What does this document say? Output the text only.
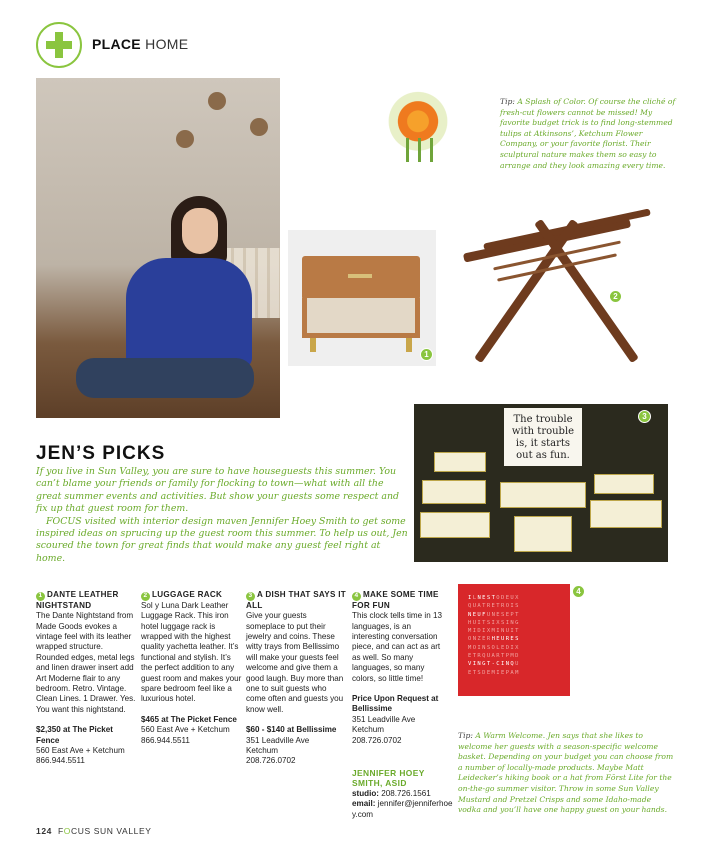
PLACE HOME
Tip: A Splash of Color. Of course the cliché of fresh-cut flowers cannot be missed! My favorite budget trick is to find long-stemmed tulips at Atkinsons’, Ketchum Flower Company, or your favorite florist. Their sculptural nature makes them so easy to arrange and they look amazing every time.
1
2
The trouble
with trouble
is, it starts
out as fun.
3
ILNESTODEUX
QUATRETROIS
NEUFUNESEPT
HUITSIXSING
MIDIXMINUIT
ONZERHEURES
MOINSOLEDIX
ETRQUARTPMD
VINGT-CINQU
ETSDEMIEPAM
4
Tip: A Warm Welcome. Jen says that she likes to welcome her guests with a season-specific welcome basket. Depending on your budget you can choose from a number of locally-made products. Maybe Matt Leidecker’s hiking book or a hat from Fōrst Lite for the on-the-go summer visitor. Throw in some Sun Valley Mustard and Pretzel Crisps and some Idaho-made vodka and you’ll have one happy guest on your hands.
JEN’S PICKS

If you live in Sun Valley, you are sure to have houseguests this summer. You can’t blame your friends or family for flocking to town—what with all the great summer events and activities. But show your guests some respect and fix up that guest room for them.

FOCUS visited with interior design maven Jennifer Hoey Smith to get some inspired ideas on sprucing up the guest room this summer. To help us out, Jen scoured the town for great finds that would make any guest feel right at home.

1 DANTE LEATHER NIGHTSTAND
The Dante Nightstand from Made Goods evokes a vintage feel with its leather wrapped structure. Rounded edges, metal legs and linen drawer insert add Art Moderne flair to any bedroom. Retro. Vintage. Clean Lines. 1 Drawer. Yes. You want this nightstand.
$2,350 at The Picket Fence
560 East Ave + Ketchum
866.944.5511
2 LUGGAGE RACK
Sol y Luna Dark Leather Luggage Rack. This iron hotel luggage rack is wrapped with the highest quality yachetta leather. It’s functional and stylish. It’s the perfect addition to any guest room and makes your spare bedroom feel like a luxurious hotel.
$465 at The Picket Fence
560 East Ave + Ketchum
866.944.5511
3 A DISH THAT SAYS IT ALL
Give your guests someplace to put their jewelry and coins. These witty trays from Bellissimo will make your guests feel welcome and give them a good laugh. Buy more than one to suit guests who come often and guests you know well.
$60 - $140 at Bellissime
351 Leadville Ave
Ketchum
208.726.0702
4 MAKE SOME TIME FOR FUN
This clock tells time in 13 languages, is an interesting conversation piece, and can act as art as well. So many languages, so many colors, so little time!
Price Upon Request at Bellissime
351 Leadville Ave
Ketchum
208.726.0702
JENNIFER HOEY SMITH, ASID
studio: 208.726.1561
email: jennifer@jenniferhoey.com
124 FOCUS SUN VALLEY
